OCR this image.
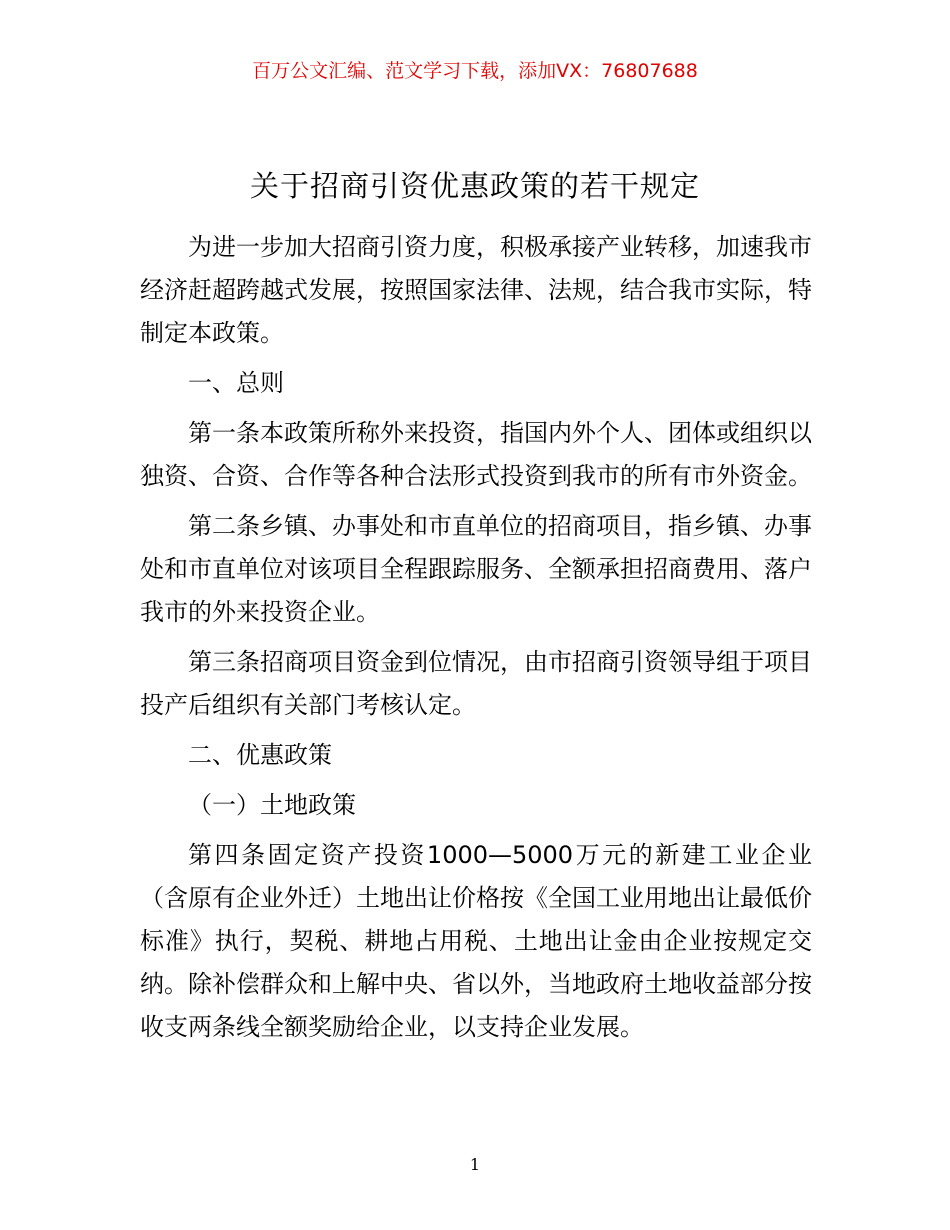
百万公文汇编、范文学习下载，添加VX：76807688
关于招商引资优惠政策的若干规定

为进一步加大招商引资力度，积极承接产业转移，加速我市经济赶超跨越式发展，按照国家法律、法规，结合我市实际，特制定本政策。

一、总则

第一条本政策所称外来投资，指国内外个人、团体或组织以独资、合资、合作等各种合法形式投资到我市的所有市外资金。

第二条乡镇、办事处和市直单位的招商项目，指乡镇、办事处和市直单位对该项目全程跟踪服务、全额承担招商费用、落户我市的外来投资企业。

第三条招商项目资金到位情况，由市招商引资领导组于项目投产后组织有关部门考核认定。

二、优惠政策

（一）土地政策

第四条固定资产投资1000—5000万元的新建工业企业（含原有企业外迁）土地出让价格按《全国工业用地出让最低价标准》执行，契税、耕地占用税、土地出让金由企业按规定交纳。除补偿群众和上解中央、省以外，当地政府土地收益部分按收支两条线全额奖励给企业，以支持企业发展。

1
